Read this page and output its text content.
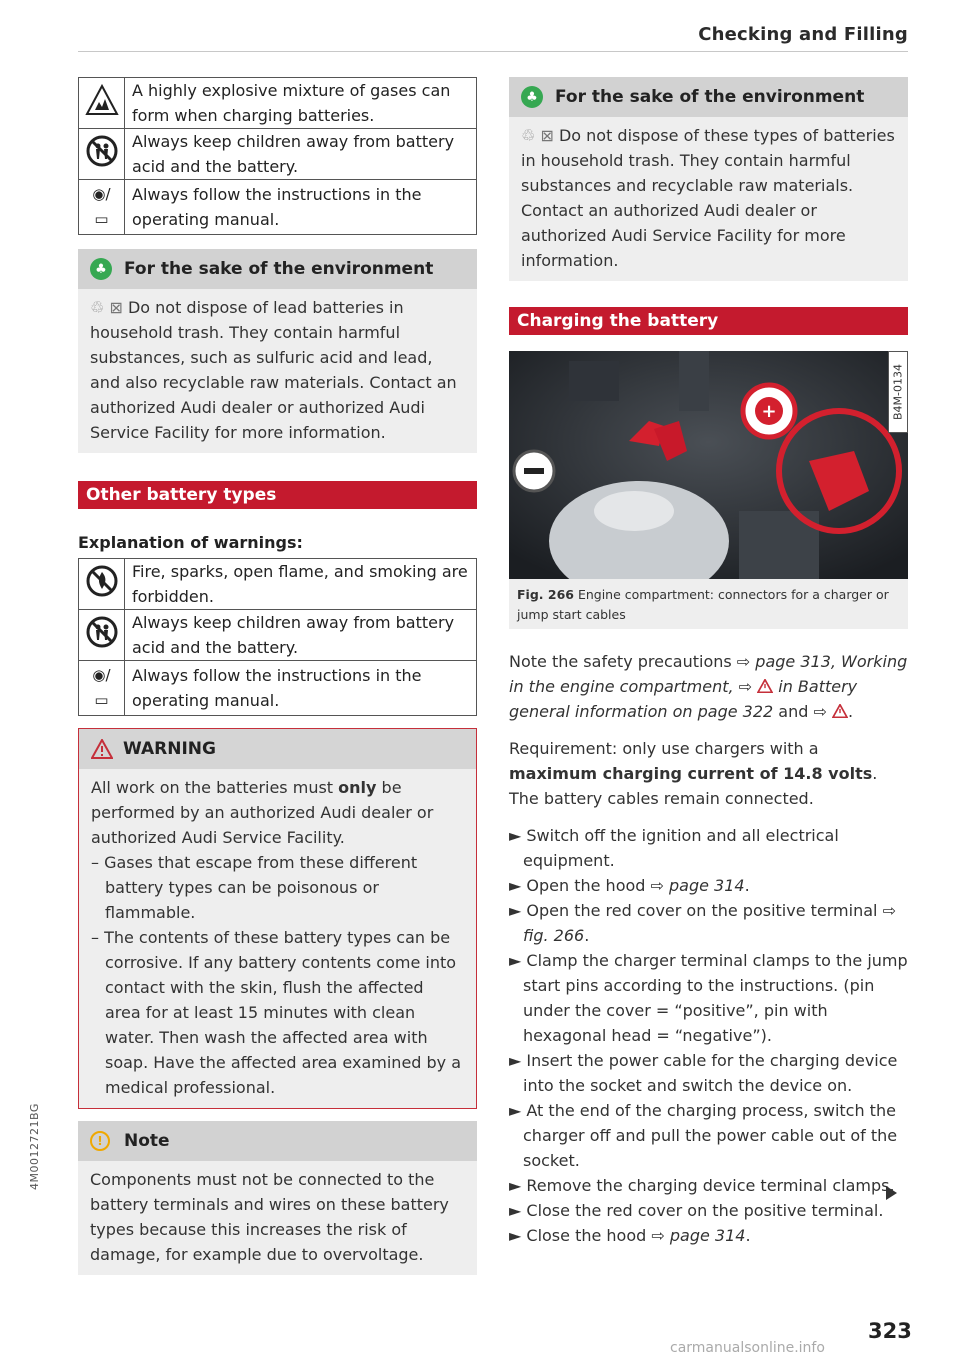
Checking and Filling
	A highly explosive mixture of gases can form when charging batteries.
	Always keep children away from battery acid and the battery.

◉/
▭	Always follow the instructions in the operating manual.
♣	For the sake of the environment
♲ ⊠ Do not dispose of lead batteries in household trash. They contain harmful substances, such as sulfuric acid and lead, and also recyclable raw materials. Contact an authorized Audi dealer or authorized Audi Service Facility for more information.
Other battery types
Explanation of warnings:
	Fire, sparks, open flame, and smoking are forbidden.
	Always keep children away from battery acid and the battery.

◉/
▭	Always follow the instructions in the operating manual.
WARNING

All work on the batteries must only be performed by an authorized Audi dealer or authorized Audi Service Facility.

– Gases that escape from these different battery types can be poisonous or flammable.
– The contents of these battery types can be corrosive. If any battery contents come into contact with the skin, flush the affected area for at least 15 minutes with clean water. Then wash the affected area with soap. Have the affected area examined by a medical professional.
!	Note
Components must not be connected to the battery terminals and wires on these battery types because this increases the risk of damage, for example due to overvoltage.
♣	For the sake of the environment
♲ ⊠ Do not dispose of these types of batteries in household trash. They contain harmful substances and recyclable raw materials. Contact an authorized Audi dealer or authorized Audi Service Facility for more information.
Charging the battery
+	B4M-0134
Fig. 266 Engine compartment: connectors for a charger or jump start cables

Note the safety precautions ⇨ page 313, Working in the engine compartment, ⇨  in Battery general information on page 322 and ⇨ .

Requirement: only use chargers with a maximum charging current of 14.8 volts. The battery cables remain connected.

► Switch off the ignition and all electrical equipment.
► Open the hood ⇨ page 314.
► Open the red cover on the positive terminal ⇨ fig. 266.
► Clamp the charger terminal clamps to the jump start pins according to the instructions. (pin under the cover = “positive”, pin with hexagonal head = “negative”).
► Insert the power cable for the charging device into the socket and switch the device on.
► At the end of the charging process, switch the charger off and pull the power cable out of the socket.
► Remove the charging device terminal clamps.
► Close the red cover on the positive terminal.
► Close the hood ⇨ page 314.
4M0012721BG
323
carmanualsonline.info
